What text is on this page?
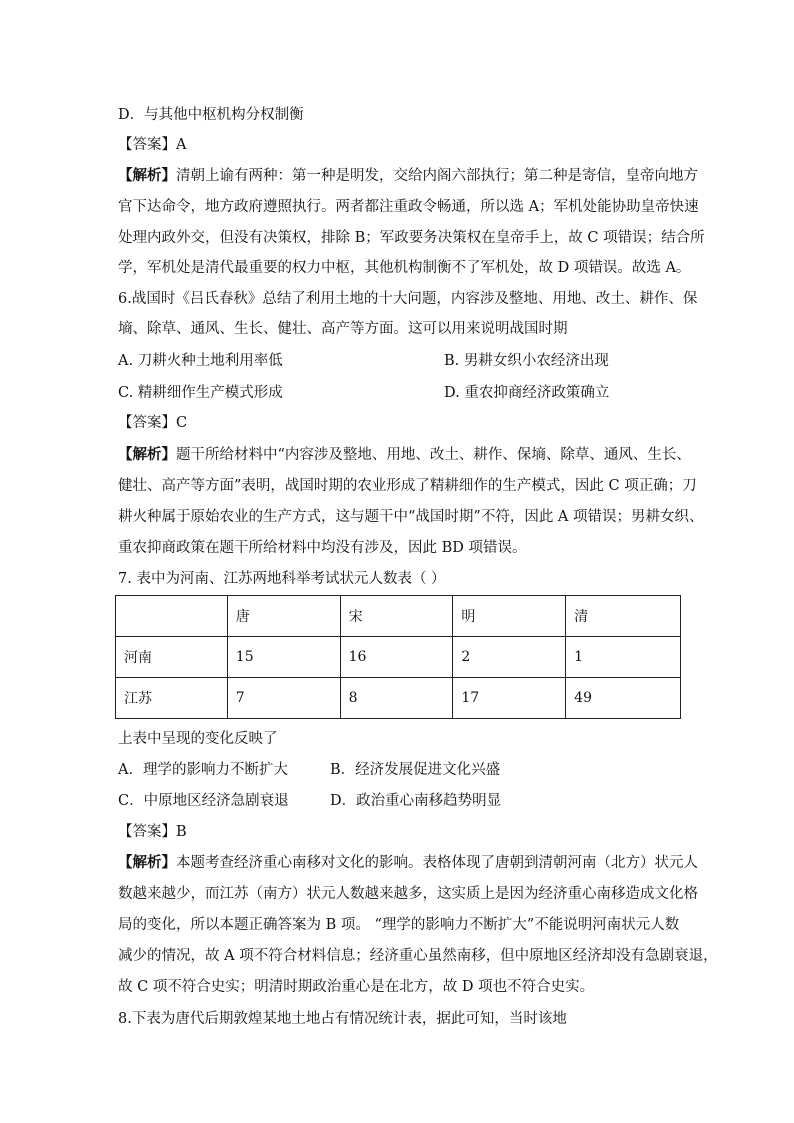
D．与其他中枢机构分权制衡
【答案】A
【解析】清朝上谕有两种：第一种是明发，交给内阁六部执行；第二种是寄信，皇帝向地方
官下达命令，地方政府遵照执行。两者都注重政令畅通，所以选 A；军机处能协助皇帝快速
处理内政外交，但没有决策权，排除 B；军政要务决策权在皇帝手上，故 C 项错误；结合所
学，军机处是清代最重要的权力中枢，其他机构制衡不了军机处，故 D 项错误。故选 A。
6.战国时《吕氏春秋》总结了利用土地的十大问题，内容涉及整地、用地、改土、耕作、保
墒、除草、通风、生长、健壮、高产等方面。这可以用来说明战国时期
A. 刀耕火种土地利用率低	B. 男耕女织小农经济出现
C. 精耕细作生产模式形成	D. 重农抑商经济政策确立
【答案】C
【解析】题干所给材料中“内容涉及整地、用地、改土、耕作、保墒、除草、通风、生长、
健壮、高产等方面”表明，战国时期的农业形成了精耕细作的生产模式，因此 C 项正确；刀
耕火种属于原始农业的生产方式，这与题干中“战国时期”不符，因此 A 项错误；男耕女织、
重农抑商政策在题干所给材料中均没有涉及，因此 BD 项错误。
7. 表中为河南、江苏两地科举考试状元人数表（ ）
	唐	宋	明	清
河南	15	16	2	1
江苏	7	8	17	49
上表中呈现的变化反映了
A．理学的影响力不断扩大	B．经济发展促进文化兴盛
C．中原地区经济急剧衰退	D．政治重心南移趋势明显
【答案】B
【解析】本题考查经济重心南移对文化的影响。表格体现了唐朝到清朝河南（北方）状元人
数越来越少，而江苏（南方）状元人数越来越多，这实质上是因为经济重心南移造成文化格
局的变化，所以本题正确答案为 B 项。 “理学的影响力不断扩大”不能说明河南状元人数
减少的情况，故 A 项不符合材料信息；经济重心虽然南移，但中原地区经济却没有急剧衰退，
故 C 项不符合史实；明清时期政治重心是在北方，故 D 项也不符合史实。
8.下表为唐代后期敦煌某地土地占有情况统计表，据此可知，当时该地
